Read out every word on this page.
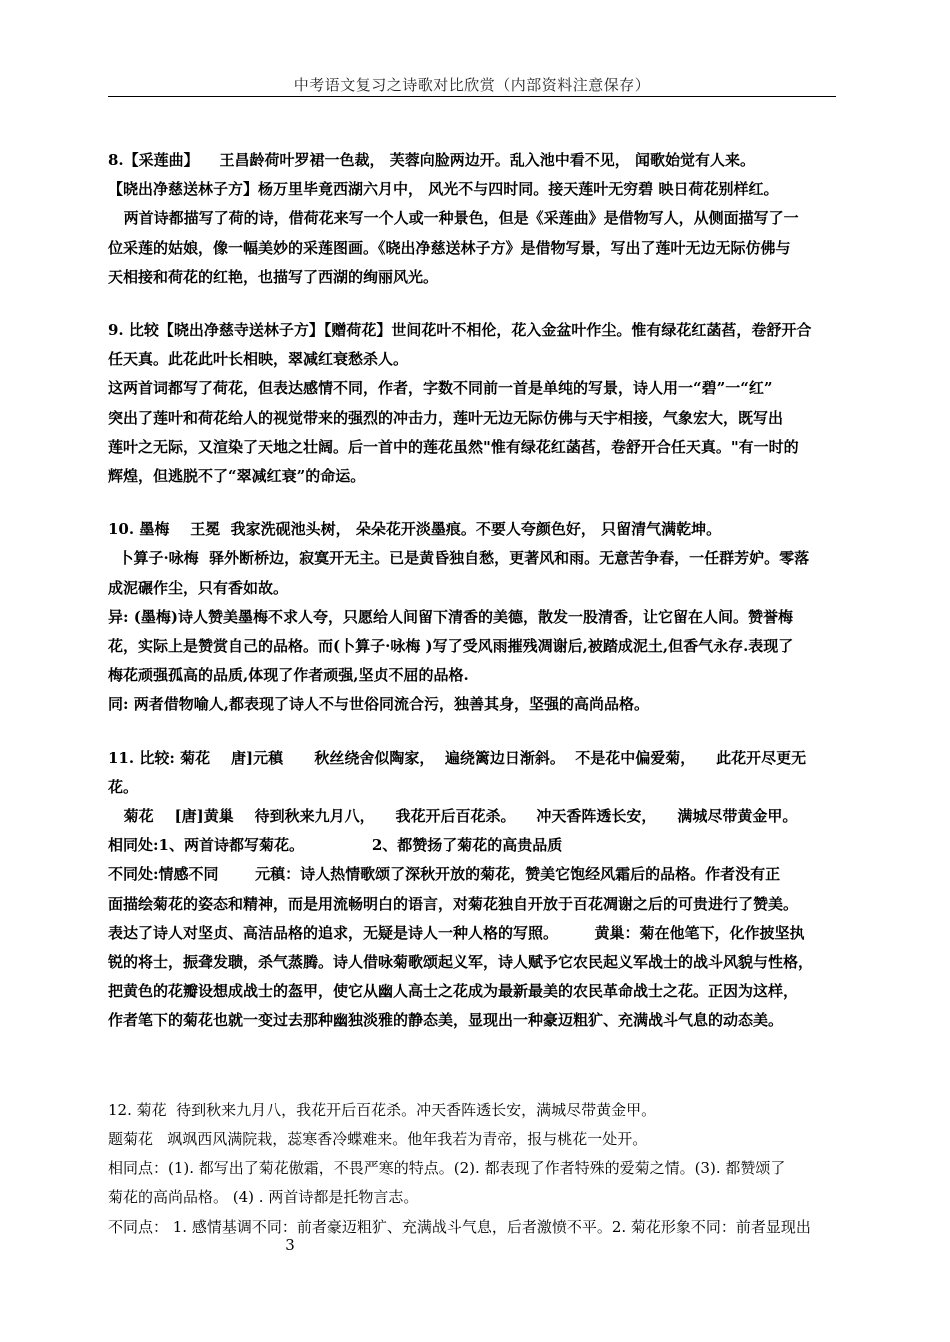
中考语文复习之诗歌对比欣赏（内部资料注意保存）

8.【采莲曲】    王昌龄荷叶罗裙一色裁， 芙蓉向脸两边开。乱入池中看不见， 闻歌始觉有人来。

【晓出净慈送林子方】杨万里毕竟西湖六月中， 风光不与四时同。接天莲叶无穷碧 映日荷花别样红。

两首诗都描写了荷的诗，借荷花来写一个人或一种景色，但是《采莲曲》是借物写人，从侧面描写了一

位采莲的姑娘，像一幅美妙的采莲图画。《晓出净慈送林子方》是借物写景，写出了莲叶无边无际仿佛与

天相接和荷花的红艳，也描写了西湖的绚丽风光。

9. 比较【晓出净慈寺送林子方】【赠荷花】世间花叶不相伦，花入金盆叶作尘。惟有绿花红菡萏，卷舒开合

任天真。此花此叶长相映，翠减红衰愁杀人。

这两首词都写了荷花，但表达感情不同，作者，字数不同前一首是单纯的写景，诗人用一“碧”一“红”

突出了莲叶和荷花给人的视觉带来的强烈的冲击力，莲叶无边无际仿佛与天宇相接，气象宏大，既写出

莲叶之无际，又渲染了天地之壮阔。后一首中的莲花虽然"惟有绿花红菡萏，卷舒开合任天真。"有一时的

辉煌，但逃脱不了“翠减红衰”的命运。

10. 墨梅    王冕  我家洗砚池头树， 朵朵花开淡墨痕。不要人夸颜色好， 只留清气满乾坤。

卜算子·咏梅  驿外断桥边，寂寞开无主。已是黄昏独自愁，更著风和雨。无意苦争春，一任群芳妒。零落

成泥碾作尘，只有香如故。

异: (墨梅)诗人赞美墨梅不求人夸，只愿给人间留下清香的美德，散发一股清香，让它留在人间。赞誉梅

花，实际上是赞赏自己的品格。而(卜算子·咏梅 )写了受风雨摧残凋谢后,被踏成泥土,但香气永存.表现了

梅花顽强孤高的品质,体现了作者顽强,坚贞不屈的品格.

同: 两者借物喻人,都表现了诗人不与世俗同流合污，独善其身，坚强的高尚品格。

11. 比较: 菊花    唐]元稹      秋丝绕舍似陶家，  遍绕篱边日渐斜。  不是花中偏爱菊，    此花开尽更无

花。

菊花    [唐]黄巢    待到秋来九月八，    我花开后百花杀。    冲天香阵透长安，    满城尽带黄金甲。

相同处:1、两首诗都写菊花。             2、都赞扬了菊花的高贵品质

不同处:情感不同       元稹：诗人热情歌颂了深秋开放的菊花，赞美它饱经风霜后的品格。作者没有正

面描绘菊花的姿态和精神，而是用流畅明白的语言，对菊花独自开放于百花凋谢之后的可贵进行了赞美。

表达了诗人对坚贞、高洁品格的追求，无疑是诗人一种人格的写照。       黄巢：菊在他笔下，化作披坚执

锐的将士，振聋发聩，杀气蒸腾。诗人借咏菊歌颂起义军，诗人赋予它农民起义军战士的战斗风貌与性格，

把黄色的花瓣设想成战士的盔甲，使它从幽人高士之花成为最新最美的农民革命战士之花。正因为这样，

作者笔下的菊花也就一变过去那种幽独淡雅的静态美，显现出一种豪迈粗犷、充满战斗气息的动态美。

12. 菊花  待到秋来九月八，我花开后百花杀。冲天香阵透长安，满城尽带黄金甲。

题菊花   飒飒西风满院栽，蕊寒香冷蝶难来。他年我若为青帝，报与桃花一处开。

相同点：(1). 都写出了菊花傲霜，不畏严寒的特点。(2). 都表现了作者特殊的爱菊之情。(3). 都赞颂了

菊花的高尚品格。 (4) . 两首诗都是托物言志。

不同点： 1. 感情基调不同：前者豪迈粗犷、充满战斗气息，后者激愤不平。2. 菊花形象不同：前者显现出

3
